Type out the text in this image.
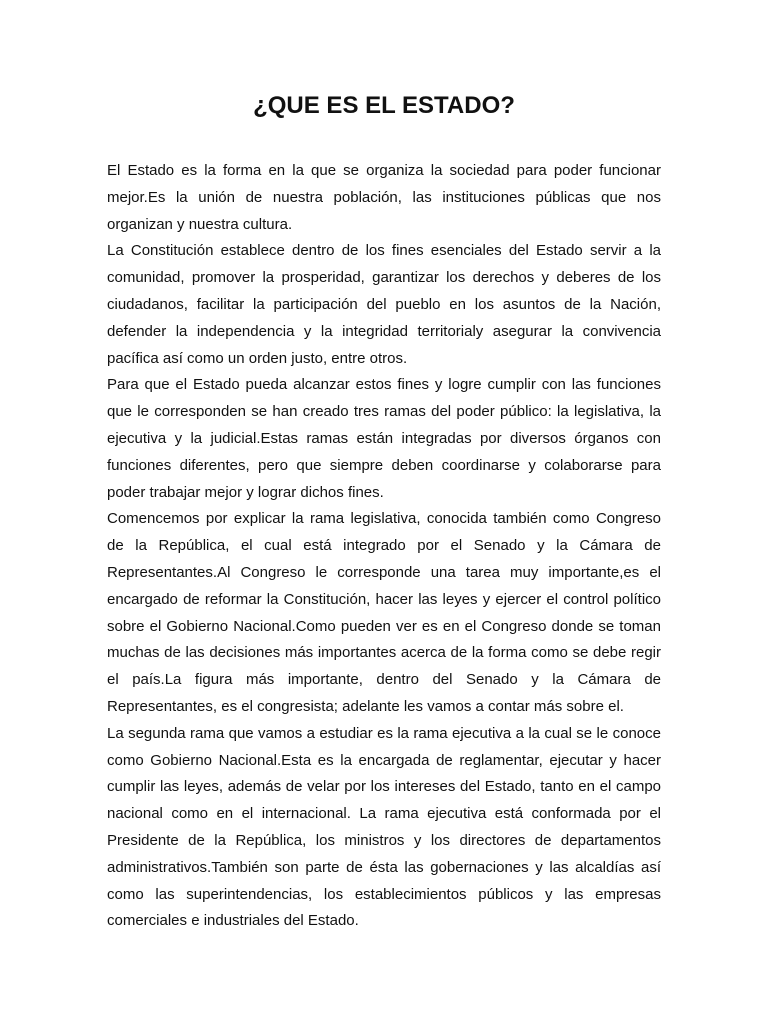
¿QUE ES EL ESTADO?

El Estado es la forma en la que se organiza la sociedad para poder funcionar mejor.Es la unión de nuestra población, las instituciones públicas que nos organizan y nuestra cultura.

La Constitución establece dentro de los fines esenciales del Estado servir a la comunidad, promover la prosperidad, garantizar los derechos y deberes de los ciudadanos, facilitar la participación del pueblo en los asuntos de la Nación, defender la independencia y la integridad territorialy asegurar la convivencia pacífica así como un orden justo, entre otros.

Para que el Estado pueda alcanzar estos fines y logre cumplir con las funciones que le corresponden se han creado tres ramas del poder público: la legislativa, la ejecutiva y la judicial.Estas ramas están integradas por diversos órganos con funciones diferentes, pero que siempre deben coordinarse y colaborarse para poder trabajar mejor y lograr dichos fines.

Comencemos por explicar la rama legislativa, conocida también como Congreso de la República, el cual está integrado por el Senado y la Cámara de Representantes.Al Congreso le corresponde una tarea muy importante,es el encargado de reformar la Constitución, hacer las leyes y ejercer el control político sobre el Gobierno Nacional.Como pueden ver es en el Congreso donde se toman muchas de las decisiones más importantes acerca de la forma como se debe regir el país.La figura más importante, dentro del Senado y la Cámara de Representantes, es el congresista; adelante les vamos a contar más sobre el.

La segunda rama que vamos a estudiar es la rama ejecutiva a la cual se le conoce como Gobierno Nacional.Esta es la encargada de reglamentar, ejecutar y hacer cumplir las leyes, además de velar por los intereses del Estado, tanto en el campo nacional como en el internacional. La rama ejecutiva está conformada por el Presidente de la República, los ministros y los directores de departamentos administrativos.También son parte de ésta las gobernaciones y las alcaldías así como las superintendencias, los establecimientos públicos y las empresas comerciales e industriales del Estado.
